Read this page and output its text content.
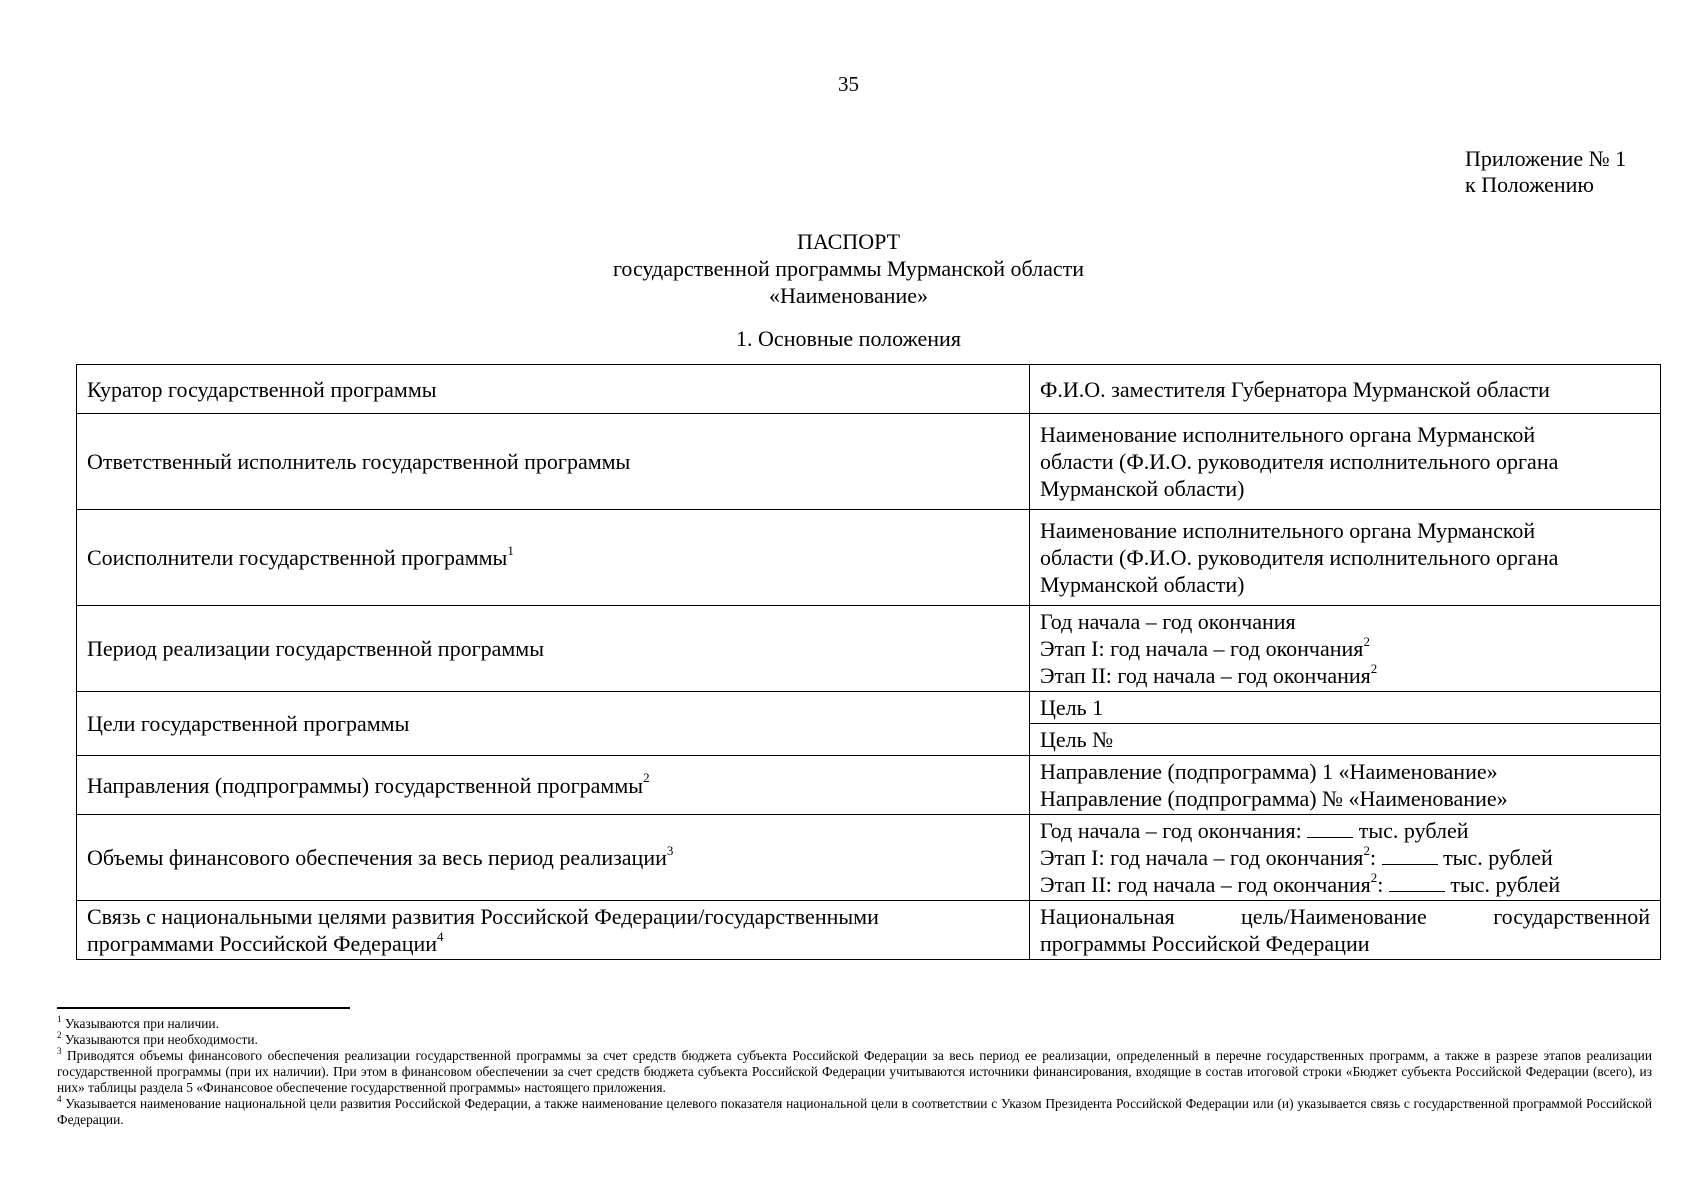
35
Приложение № 1
к Положению
ПАСПОРТ
государственной программы Мурманской области
«Наименование»
1. Основные положения
Куратор государственной программы	Ф.И.О. заместителя Губернатора Мурманской области
Ответственный исполнитель государственной программы	Наименование исполнительного органа Мурманской
области (Ф.И.О. руководителя исполнительного органа
Мурманской области)

Соисполнители государственной программы$^1$	Наименование исполнительного органа Мурманской
области (Ф.И.О. руководителя исполнительного органа
Мурманской области)

Период реализации государственной программы	Год начала – год окончания
Этап I: год начала – год окончания$^2$
Этап II: год начала – год окончания$^2$

Цели государственной программы	Цель 1
	Цель №
Направления (подпрограммы) государственной программы$^2$	Направление (подпрограмма) 1 «Наименование»
Направление (подпрограмма) № «Наименование»

Объемы финансового обеспечения за весь период реализации$^3$	Год начала – год окончания: тыс. рублей
Этап I: год начала – год окончания$^2$: тыс. рублей
Этап II: год начала – год окончания$^2$: тыс. рублей

Связь с национальными целями развития Российской Федерации/государственными
программами Российской Федерации$^4$	Национальная цель/Наименование государственной
программы Российской Федерации

$^1$ Указываются при наличии.

$^2$ Указываются при необходимости.

$^3$ Приводятся объемы финансового обеспечения реализации государственной программы за счет средств бюджета субъекта Российской Федерации за весь период ее реализации, определенный в перечне государственных программ, а также в разрезе этапов реализации государственной программы (при их наличии). При этом в финансовом обеспечении за счет средств бюджета субъекта Российской Федерации учитываются источники финансирования, входящие в состав итоговой строки «Бюджет субъекта Российской Федерации (всего), из них» таблицы раздела 5 «Финансовое обеспечение государственной программы» настоящего приложения.

$^4$ Указывается наименование национальной цели развития Российской Федерации, а также наименование целевого показателя национальной цели в соответствии с Указом Президента Российской Федерации или (и) указывается связь с государственной программой Российской Федерации.
